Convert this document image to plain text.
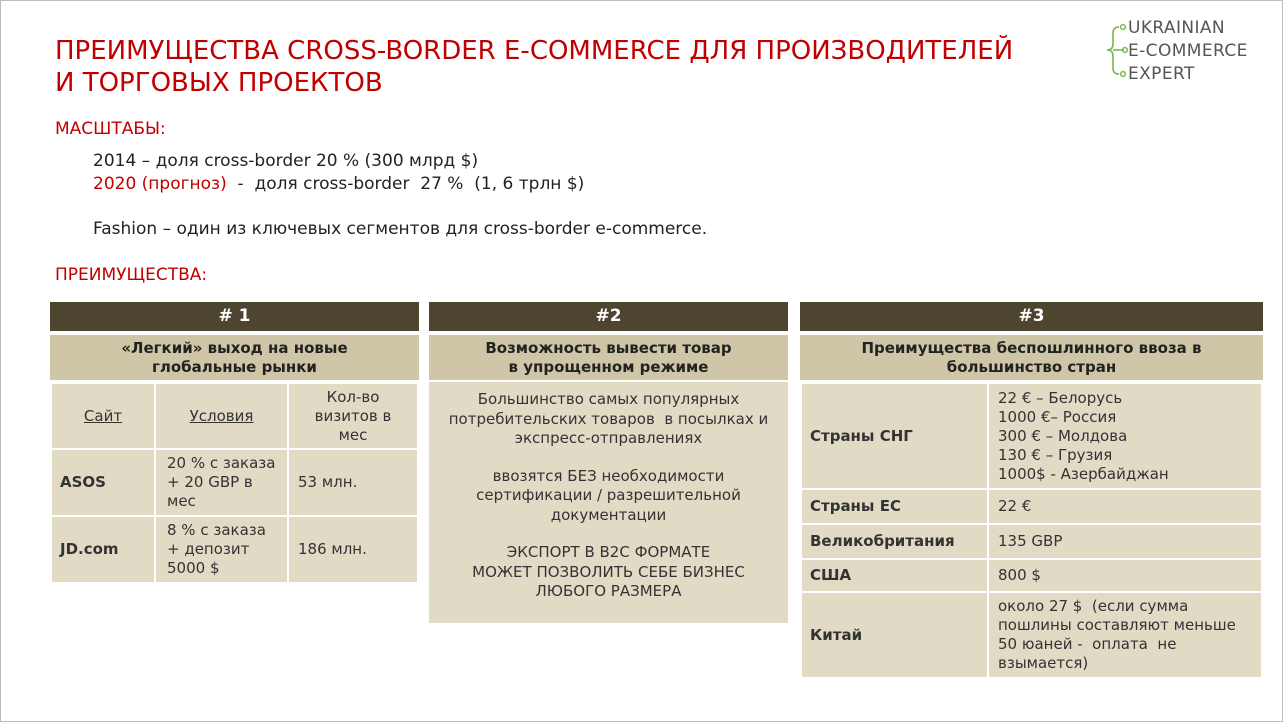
ПРЕИМУЩЕСТВА CROSS-BORDER E-COMMERCE ДЛЯ ПРОИЗВОДИТЕЛЕЙ
И ТОРГОВЫХ ПРОЕКТОВ
UKRAINIAN
E-COMMERCE
EXPERT
МАСШТАБЫ:
2014 – доля cross-border 20 % (300 млрд $)
2020 (прогноз)  -  доля cross-border  27 %  (1, 6 трлн $)
Fashion – один из ключевых сегментов для cross-border e-commerce.
ПРЕИМУЩЕСТВА:
# 1
«Легкий» выход на новые
глобальные рынки
Сайт	Условия	Кол-во визитов в мес
ASOS	20 % с заказа + 20 GBP в мес	53 млн.
JD.com	8 % с заказа + депозит 5000 $	186 млн.
#2
Возможность вывести товар
в упрощенном режиме
Большинство самых популярных
потребительских товаров  в посылках и
экспресс-отправлениях
ввозятся БЕЗ необходимости
сертификации / разрешительной
документации
ЭКСПОРТ В B2C ФОРМАТЕ
МОЖЕТ ПОЗВОЛИТЬ СЕБЕ БИЗНЕС
ЛЮБОГО РАЗМЕРА
#3
Преимущества беспошлинного ввоза в
большинство стран
Страны СНГ	22 € – Белорусь
1000 €– Россия
300 € – Молдова
130 € – Грузия
1000$ - Азербайджан

Страны ЕС	22 €
Великобритания	135 GBP
США	800 $
Китай	около 27 $  (если сумма
пошлины составляют меньше
50 юаней -  оплата  не
взымается)
